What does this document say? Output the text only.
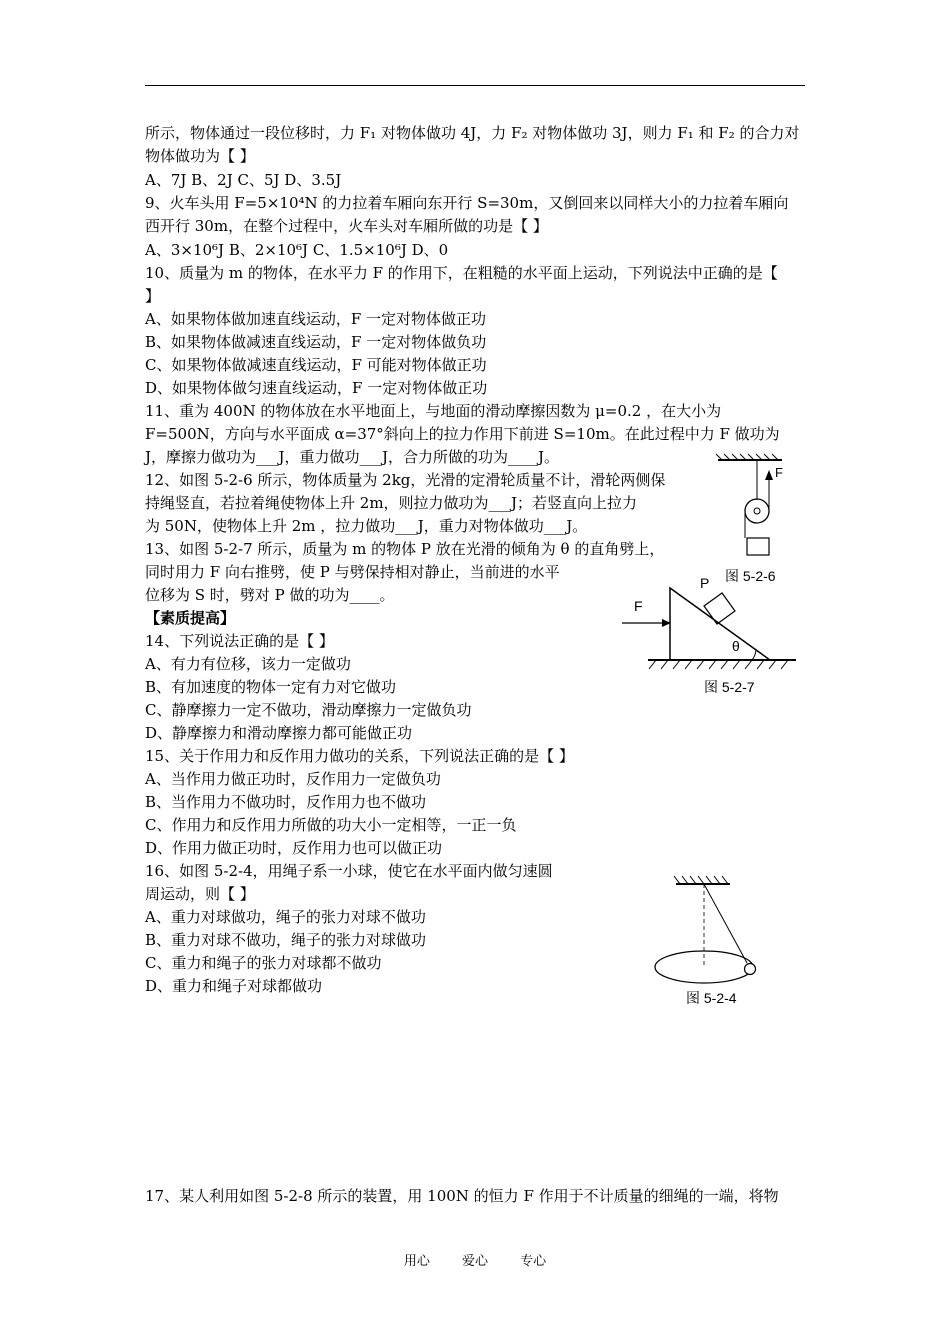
所示，物体通过一段位移时，力 F₁ 对物体做功 4J，力 F₂ 对物体做功 3J，则力 F₁ 和 F₂ 的合力对
物体做功为【 】
A、7J B、2J C、5J D、3.5J
9、火车头用 F=5×10⁴N 的力拉着车厢向东开行 S=30m，又倒回来以同样大小的力拉着车厢向
西开行 30m，在整个过程中，火车头对车厢所做的功是【 】
A、3×10⁶J B、2×10⁶J C、1.5×10⁶J D、0
10、质量为 m 的物体，在水平力 F 的作用下，在粗糙的水平面上运动，下列说法中正确的是【
】
A、如果物体做加速直线运动，F 一定对物体做正功
B、如果物体做减速直线运动，F 一定对物体做负功
C、如果物体做减速直线运动，F 可能对物体做正功
D、如果物体做匀速直线运动，F 一定对物体做正功
11、重为 400N 的物体放在水平地面上，与地面的滑动摩擦因数为 μ=0.2 ，在大小为
F=500N，方向与水平面成 α=37°斜向上的拉力作用下前进 S=10m。在此过程中力 F 做功为
J，摩擦力做功为___J，重力做功___J，合力所做的功为____J。
12、如图 5-2-6 所示，物体质量为 2kg，光滑的定滑轮质量不计，滑轮两侧保
持绳竖直，若拉着绳使物体上升 2m，则拉力做功为___J；若竖直向上拉力
为 50N，使物体上升 2m ，拉力做功___J，重力对物体做功___J。
13、如图 5-2-7 所示，质量为 m 的物体 P 放在光滑的倾角为 θ 的直角劈上，
同时用力 F 向右推劈，使 P 与劈保持相对静止，当前进的水平
位移为 S 时，劈对 P 做的功为____。
【素质提高】
14、下列说法正确的是【 】
A、有力有位移，该力一定做功
B、有加速度的物体一定有力对它做功
C、静摩擦力一定不做功，滑动摩擦力一定做负功
D、静摩擦力和滑动摩擦力都可能做正功
15、关于作用力和反作用力做功的关系，下列说法正确的是【 】
A、当作用力做正功时，反作用力一定做负功
B、当作用力不做功时，反作用力也不做功
C、作用力和反作用力所做的功大小一定相等，一正一负
D、作用力做正功时，反作用力也可以做正功
16、如图 5-2-4，用绳子系一小球，使它在水平面内做匀速圆
周运动，则【 】
A、重力对球做功，绳子的张力对球不做功
B、重力对球不做功，绳子的张力对球做功
C、重力和绳子的张力对球都不做功
D、重力和绳子对球都做功
17、某人利用如图 5-2-8 所示的装置，用 100N 的恒力 F 作用于不计质量的细绳的一端，将物
F
图 5-2-6
F
P
θ
图 5-2-7
图 5-2-4
用心 爱心 专心
